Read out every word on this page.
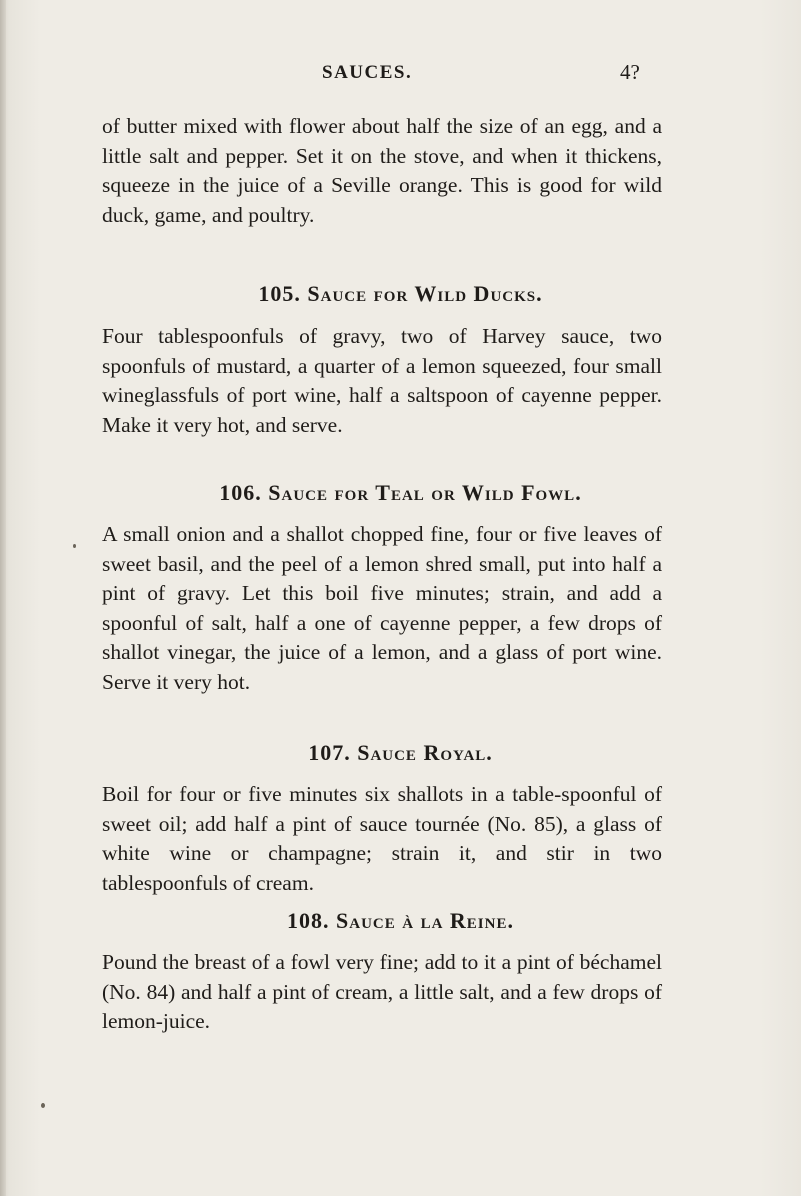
SAUCES.	4?

of butter mixed with flower about half the size of an egg, and a little salt and pepper. Set it on the stove, and when it thickens, squeeze in the juice of a Seville orange. This is good for wild duck, game, and poultry.

105. Sauce for Wild Ducks.

Four tablespoonfuls of gravy, two of Harvey sauce, two spoonfuls of mustard, a quarter of a lemon squeezed, four small wineglassfuls of port wine, half a saltspoon of cayenne pepper. Make it very hot, and serve.

106. Sauce for Teal or Wild Fowl.

A small onion and a shallot chopped fine, four or five leaves of sweet basil, and the peel of a lemon shred small, put into half a pint of gravy. Let this boil five minutes; strain, and add a spoonful of salt, half a one of cayenne pepper, a few drops of shallot vinegar, the juice of a lemon, and a glass of port wine. Serve it very hot.

107. Sauce Royal.

Boil for four or five minutes six shallots in a table-spoonful of sweet oil; add half a pint of sauce tournée (No. 85), a glass of white wine or champagne; strain it, and stir in two tablespoonfuls of cream.

108. Sauce à la Reine.

Pound the breast of a fowl very fine; add to it a pint of béchamel (No. 84) and half a pint of cream, a little salt, and a few drops of lemon-juice.
